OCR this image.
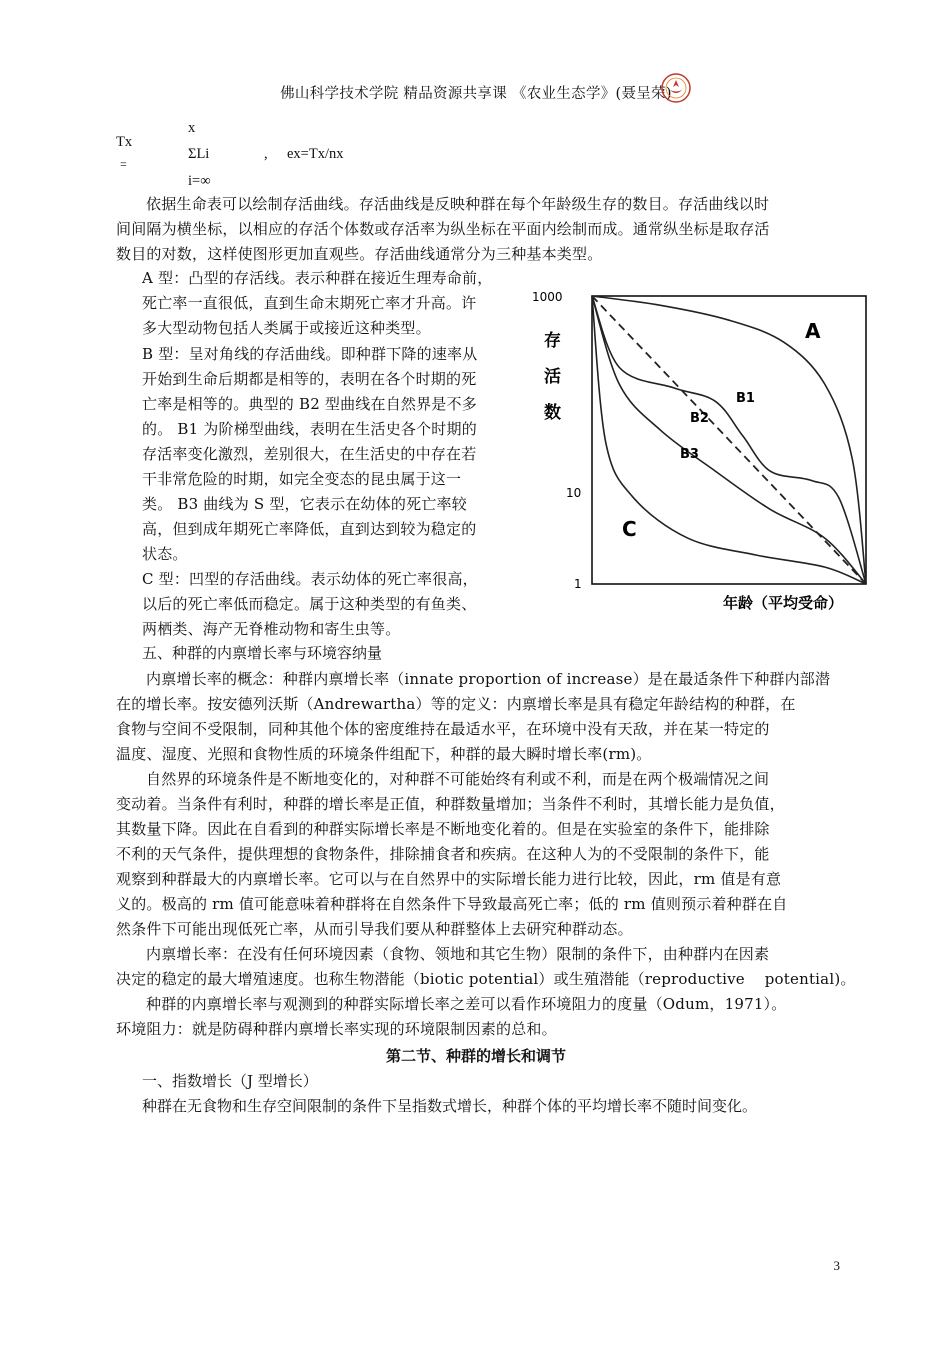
佛山科学技术学院 精品资源共享课 《农业生态学》(聂呈荣)
Tx
=
x
ΣLi	, ex=Tx/nx
i=∞
依据生命表可以绘制存活曲线。存活曲线是反映种群在每个年龄级生存的数目。存活曲线以时
间间隔为横坐标，以相应的存活个体数或存活率为纵坐标在平面内绘制而成。通常纵坐标是取存活
数目的对数，这样使图形更加直观些。存活曲线通常分为三种基本类型。
A 型：凸型的存活线。表示种群在接近生理寿命前，
死亡率一直很低，直到生命末期死亡率才升高。许
多大型动物包括人类属于或接近这种类型。
B 型：呈对角线的存活曲线。即种群下降的速率从
开始到生命后期都是相等的，表明在各个时期的死
亡率是相等的。典型的 B2 型曲线在自然界是不多
的。 B1 为阶梯型曲线，表明在生活史各个时期的
存活率变化激烈，差别很大，在生活史的中存在若
干非常危险的时期，如完全变态的昆虫属于这一
类。 B3 曲线为 S 型，它表示在幼体的死亡率较
高，但到成年期死亡率降低，直到达到较为稳定的
状态。
C 型：凹型的存活曲线。表示幼体的死亡率很高，
以后的死亡率低而稳定。属于这种类型的有鱼类、
两栖类、海产无脊椎动物和寄生虫等。
1000
10
1
存
活
数
年龄（平均受命）
A
B1
B2
B3
C
五、种群的内禀增长率与环境容纳量
内禀增长率的概念：种群内禀增长率（innate proportion of increase）是在最适条件下种群内部潜
在的增长率。按安德列沃斯（Andrewartha）等的定义：内禀增长率是具有稳定年龄结构的种群，在
食物与空间不受限制，同种其他个体的密度维持在最适水平，在环境中没有天敌，并在某一特定的
温度、湿度、光照和食物性质的环境条件组配下，种群的最大瞬时增长率(rm)。
自然界的环境条件是不断地变化的，对种群不可能始终有利或不利，而是在两个极端情况之间
变动着。当条件有利时，种群的增长率是正值，种群数量增加；当条件不利时，其增长能力是负值，
其数量下降。因此在自看到的种群实际增长率是不断地变化着的。但是在实验室的条件下，能排除
不利的天气条件，提供理想的食物条件，排除捕食者和疾病。在这种人为的不受限制的条件下，能
观察到种群最大的内禀增长率。它可以与在自然界中的实际增长能力进行比较，因此，rm 值是有意
义的。极高的 rm 值可能意味着种群将在自然条件下导致最高死亡率；低的 rm 值则预示着种群在自
然条件下可能出现低死亡率，从而引导我们要从种群整体上去研究种群动态。
内禀增长率：在没有任何环境因素（食物、领地和其它生物）限制的条件下，由种群内在因素
决定的稳定的最大增殖速度。也称生物潜能（biotic potential）或生殖潜能（reproductive    potential)。
种群的内禀增长率与观测到的种群实际增长率之差可以看作环境阻力的度量（Odum，1971）。
环境阻力：就是防碍种群内禀增长率实现的环境限制因素的总和。
第二节、种群的增长和调节
一、指数增长（J 型增长）
种群在无食物和生存空间限制的条件下呈指数式增长，种群个体的平均增长率不随时间变化。
3
